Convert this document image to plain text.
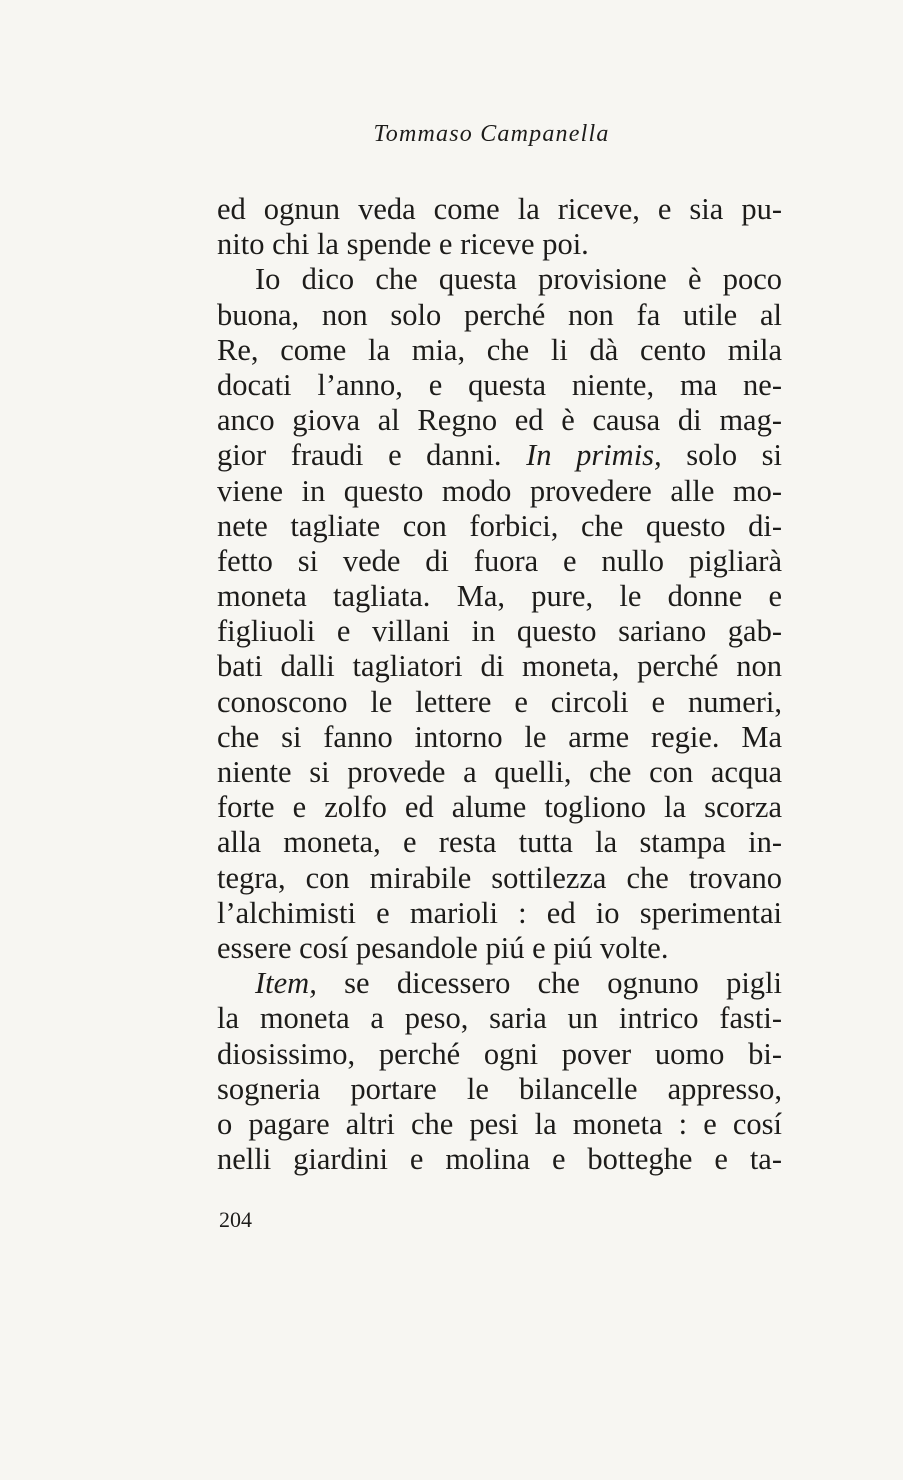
Tommaso Campanella
ed ognun veda come la riceve, e sia pu-
nito chi la spende e riceve poi.
Io dico che questa provisione è poco
buona, non solo perché non fa utile al
Re, come la mia, che li dà cento mila
docati l’anno, e questa niente, ma ne-
anco giova al Regno ed è causa di mag-
gior fraudi e danni. In primis, solo si
viene in questo modo provedere alle mo-
nete tagliate con forbici, che questo di-
fetto si vede di fuora e nullo pigliarà
moneta tagliata. Ma, pure, le donne e
figliuoli e villani in questo sariano gab-
bati dalli tagliatori di moneta, perché non
conoscono le lettere e circoli e numeri,
che si fanno intorno le arme regie. Ma
niente si provede a quelli, che con acqua
forte e zolfo ed alume togliono la scorza
alla moneta, e resta tutta la stampa in-
tegra, con mirabile sottilezza che trovano
l’alchimisti e marioli : ed io sperimentai
essere cosí pesandole piú e piú volte.
Item, se dicessero che ognuno pigli
la moneta a peso, saria un intrico fasti-
diosissimo, perché ogni pover uomo bi-
sogneria portare le bilancelle appresso,
o pagare altri che pesi la moneta : e cosí
nelli giardini e molina e botteghe e ta-
204
